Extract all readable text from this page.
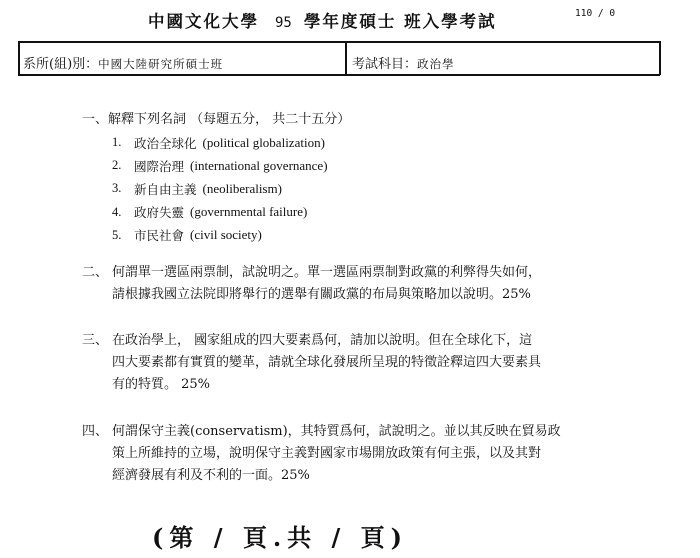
中國文化大學 95 學年度碩士 班入學考試	110 / 0
系所(組)別：中國大陸研究所碩士班	考試科目：政治學
一、解釋下列名詞 （每題五分， 共二十五分）
1.	政治全球化 (political globalization)
2.	國際治理 (international governance)
3.	新自由主義 (neoliberalism)
4.	政府失靈 (governmental failure)
5.	市民社會 (civil society)
二、 何謂單一選區兩票制，試說明之。單一選區兩票制對政黨的利弊得失如何，
請根據我國立法院即將舉行的選舉有關政黨的布局與策略加以說明。25%
三、 在政治學上， 國家組成的四大要素爲何，請加以說明。但在全球化下，這
四大要素都有實質的變革，請就全球化發展所呈現的特徵詮釋這四大要素具
有的特質。 25%
四、 何謂保守主義(conservatism)，其特質爲何，試說明之。並以其反映在貿易政
策上所維持的立場，說明保守主義對國家市場開放政策有何主張，以及其對
經濟發展有利及不利的一面。25%
(第 / 頁.共 / 頁)
